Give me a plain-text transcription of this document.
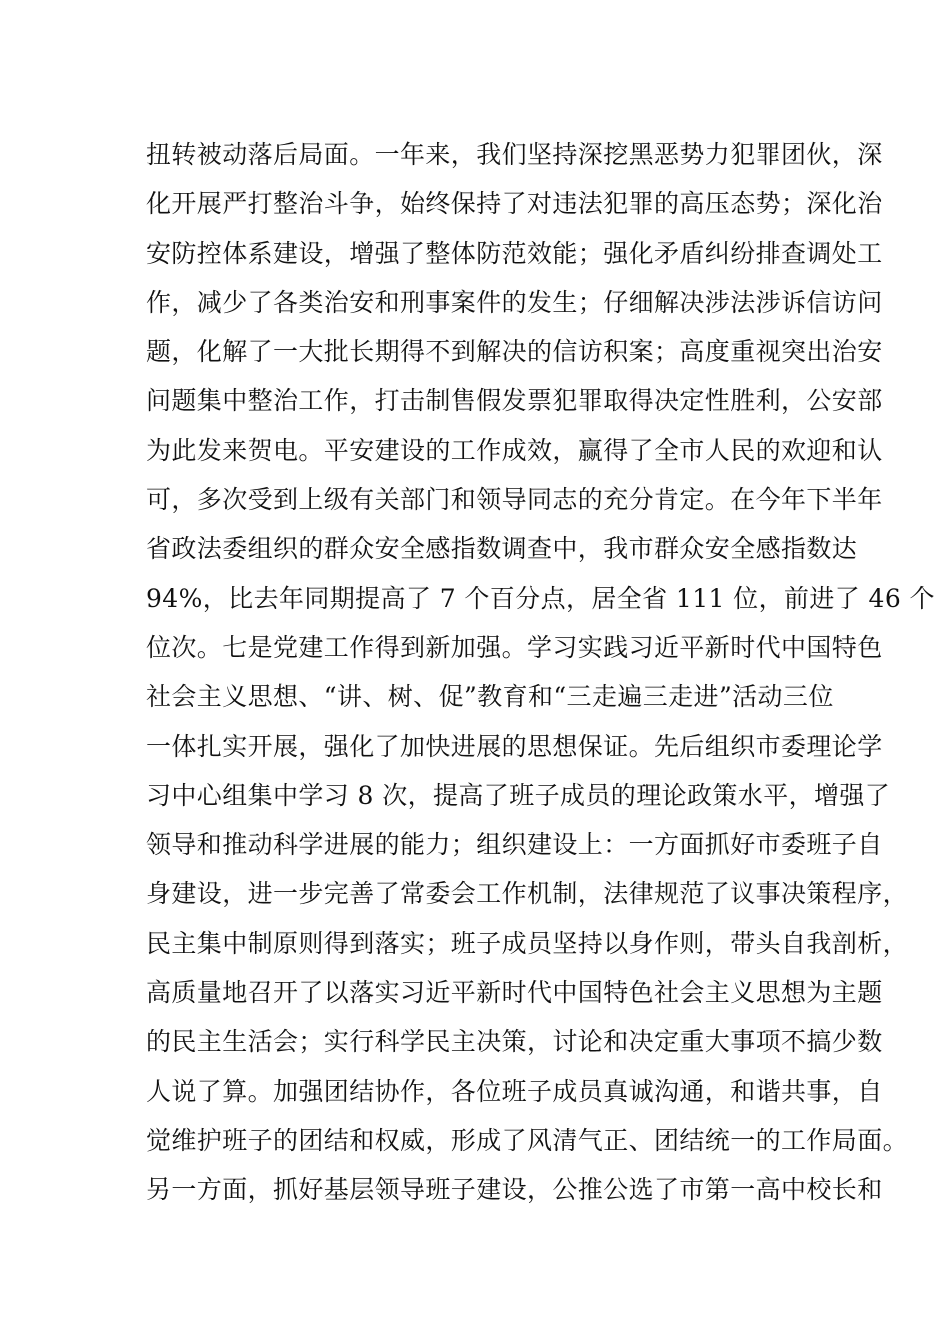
扭转被动落后局面。一年来，我们坚持深挖黑恶势力犯罪团伙，深
化开展严打整治斗争，始终保持了对违法犯罪的高压态势；深化治
安防控体系建设，增强了整体防范效能；强化矛盾纠纷排查调处工
作，减少了各类治安和刑事案件的发生；仔细解决涉法涉诉信访问
题，化解了一大批长期得不到解决的信访积案；高度重视突出治安
问题集中整治工作，打击制售假发票犯罪取得决定性胜利，公安部
为此发来贺电。平安建设的工作成效，赢得了全市人民的欢迎和认
可，多次受到上级有关部门和领导同志的充分肯定。在今年下半年
省政法委组织的群众安全感指数调查中，我市群众安全感指数达
94%，比去年同期提高了 7 个百分点，居全省 111 位，前进了 46 个
位次。七是党建工作得到新加强。学习实践习近平新时代中国特色
社会主义思想、“讲、树、促”教育和“三走遍三走进”活动三位
一体扎实开展，强化了加快进展的思想保证。先后组织市委理论学
习中心组集中学习 8 次，提高了班子成员的理论政策水平，增强了
领导和推动科学进展的能力；组织建设上：一方面抓好市委班子自
身建设，进一步完善了常委会工作机制，法律规范了议事决策程序，
民主集中制原则得到落实；班子成员坚持以身作则，带头自我剖析，
高质量地召开了以落实习近平新时代中国特色社会主义思想为主题
的民主生活会；实行科学民主决策，讨论和决定重大事项不搞少数
人说了算。加强团结协作，各位班子成员真诚沟通，和谐共事，自
觉维护班子的团结和权威，形成了风清气正、团结统一的工作局面。
另一方面，抓好基层领导班子建设，公推公选了市第一高中校长和
